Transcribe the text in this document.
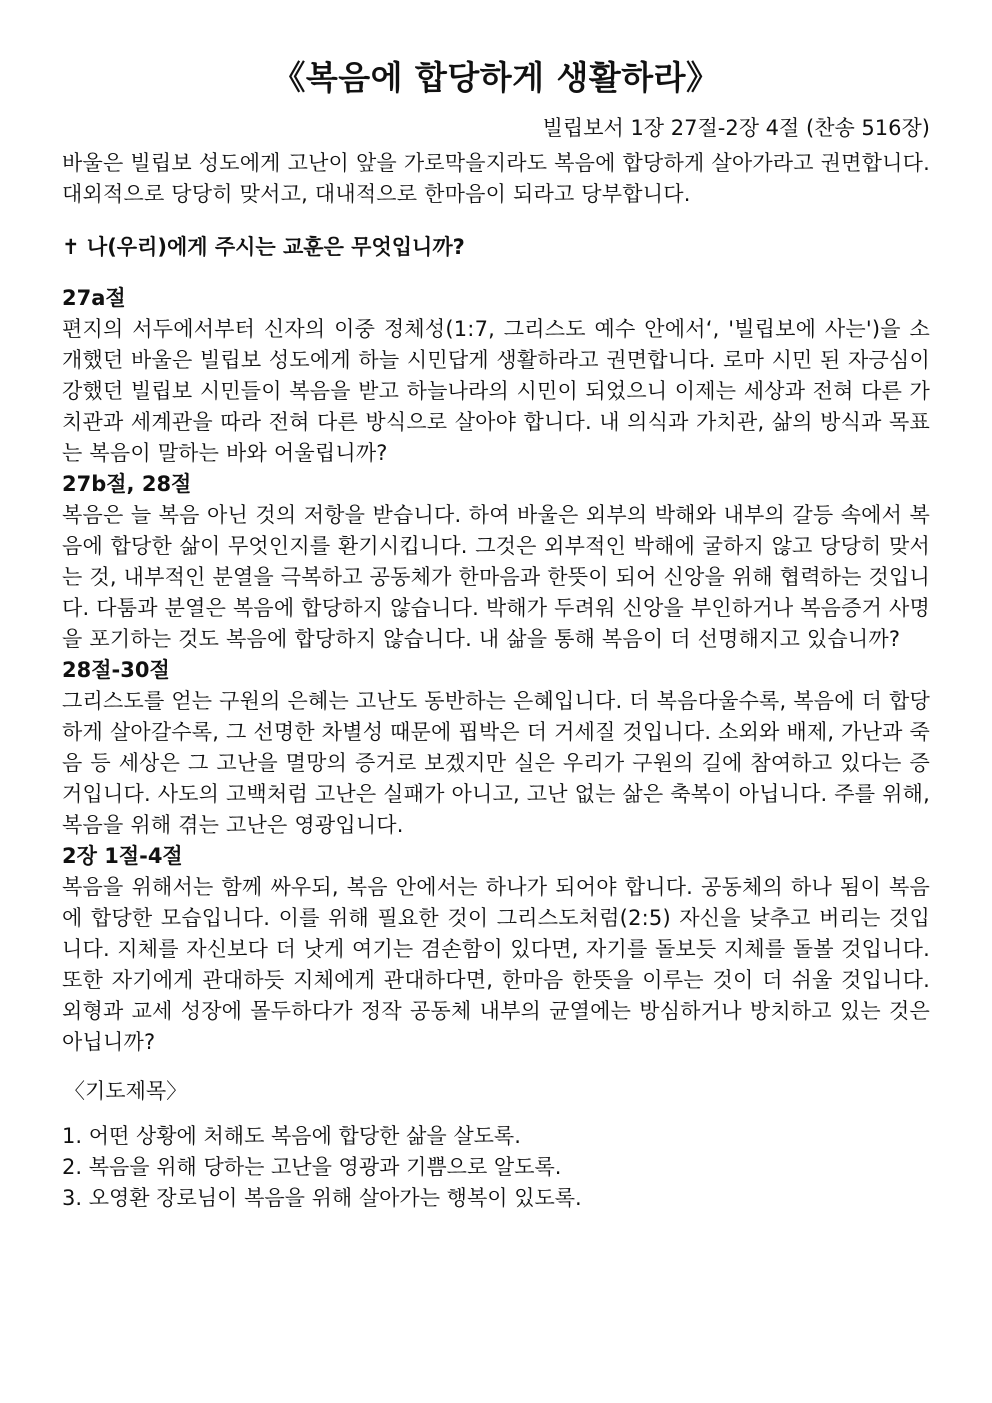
《복음에 합당하게 생활하라》
빌립보서 1장 27절-2장 4절 (찬송 516장)

바울은 빌립보 성도에게 고난이 앞을 가로막을지라도 복음에 합당하게 살아가라고 권면합니다. 대외적으로 당당히 맞서고, 대내적으로 한마음이 되라고 당부합니다.

✝ 나(우리)에게 주시는 교훈은 무엇입니까?
27a절

편지의 서두에서부터 신자의 이중 정체성(1:7, 그리스도 예수 안에서‘, '빌립보에 사는')을 소개했던 바울은 빌립보 성도에게 하늘 시민답게 생활하라고 권면합니다. 로마 시민 된 자긍심이 강했던 빌립보 시민들이 복음을 받고 하늘나라의 시민이 되었으니 이제는 세상과 전혀 다른 가치관과 세계관을 따라 전혀 다른 방식으로 살아야 합니다. 내 의식과 가치관, 삶의 방식과 목표는 복음이 말하는 바와 어울립니까?

27b절, 28절

복음은 늘 복음 아닌 것의 저항을 받습니다. 하여 바울은 외부의 박해와 내부의 갈등 속에서 복음에 합당한 삶이 무엇인지를 환기시킵니다. 그것은 외부적인 박해에 굴하지 않고 당당히 맞서는 것, 내부적인 분열을 극복하고 공동체가 한마음과 한뜻이 되어 신앙을 위해 협력하는 것입니다. 다툼과 분열은 복음에 합당하지 않습니다. 박해가 두려워 신앙을 부인하거나 복음증거 사명을 포기하는 것도 복음에 합당하지 않습니다. 내 삶을 통해 복음이 더 선명해지고 있습니까?

28절-30절

그리스도를 얻는 구원의 은혜는 고난도 동반하는 은혜입니다. 더 복음다울수록, 복음에 더 합당하게 살아갈수록, 그 선명한 차별성 때문에 핍박은 더 거세질 것입니다. 소외와 배제, 가난과 죽음 등 세상은 그 고난을 멸망의 증거로 보겠지만 실은 우리가 구원의 길에 참여하고 있다는 증거입니다. 사도의 고백처럼 고난은 실패가 아니고, 고난 없는 삶은 축복이 아닙니다. 주를 위해, 복음을 위해 겪는 고난은 영광입니다.

2장 1절-4절

복음을 위해서는 함께 싸우되, 복음 안에서는 하나가 되어야 합니다. 공동체의 하나 됨이 복음에 합당한 모습입니다. 이를 위해 필요한 것이 그리스도처럼(2:5) 자신을 낮추고 버리는 것입니다. 지체를 자신보다 더 낫게 여기는 겸손함이 있다면, 자기를 돌보듯 지체를 돌볼 것입니다. 또한 자기에게 관대하듯 지체에게 관대하다면, 한마음 한뜻을 이루는 것이 더 쉬울 것입니다. 외형과 교세 성장에 몰두하다가 정작 공동체 내부의 균열에는 방심하거나 방치하고 있는 것은 아닙니까?

〈기도제목〉
1. 어떤 상황에 처해도 복음에 합당한 삶을 살도록.
2. 복음을 위해 당하는 고난을 영광과 기쁨으로 알도록.
3. 오영환 장로님이 복음을 위해 살아가는 행복이 있도록.
